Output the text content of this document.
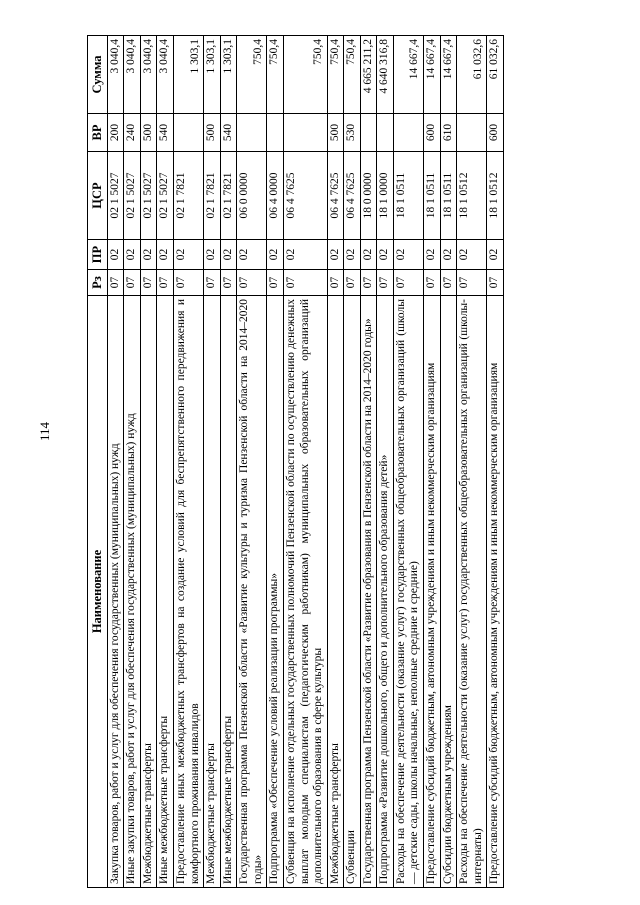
114
Наименование	Рз	ПР	ЦСР	ВР	Сумма
Закупка товаров, работ и услуг для обеспечения государственных (муниципальных) нужд	07	02	02 1 5027	200	3 040,4
Иные закупки товаров, работ и услуг для обеспечения государственных (муниципальных) нужд	07	02	02 1 5027	240	3 040,4
Межбюджетные трансферты	07	02	02 1 5027	500	3 040,4
Иные межбюджетные трансферты	07	02	02 1 5027	540	3 040,4
Предоставление иных межбюджетных трансфертов на создание условий для беспрепятственного передвижения и комфортного проживания инвалидов	07	02	02 1 7821		1 303,1
Межбюджетные трансферты	07	02	02 1 7821	500	1 303,1
Иные межбюджетные трансферты	07	02	02 1 7821	540	1 303,1
Государственная программа Пензенской области «Развитие культуры и туризма Пензенской области на 2014–2020 годы»	07	02	06 0 0000		750,4
Подпрограмма «Обеспечение условий реализации программы»	07	02	06 4 0000		750,4
Субвенция на исполнение отдельных государственных полномочий Пензенской области по осуществлению денежных выплат молодым специалистам (педагогическим работникам) муниципальных образовательных организаций дополнительного образования в сфере культуры	07	02	06 4 7625		750,4
Межбюджетные трансферты	07	02	06 4 7625	500	750,4
Субвенции	07	02	06 4 7625	530	750,4
Государственная программа Пензенской области «Развитие образования в Пензенской области на 2014–2020 годы»	07	02	18 0 0000		4 665 211,2
Подпрограмма «Развитие дошкольного, общего и дополнительного образования детей»	07	02	18 1 0000		4 640 316,8
Расходы на обеспечение деятельности (оказание услуг) государственных общеобразовательных организаций (школы — детские сады, школы начальные, неполные средние и средние)	07	02	18 1 0511		14 667,4
Предоставление субсидий бюджетным, автономным учреждениям и иным некоммерческим организациям	07	02	18 1 0511	600	14 667,4
Субсидии бюджетным учреждениям	07	02	18 1 0511	610	14 667,4
Расходы на обеспечение деятельности (оказание услуг) государственных общеобразовательных организаций (школы-интернаты)	07	02	18 1 0512		61 032,6
Предоставление субсидий бюджетным, автономным учреждениям и иным некоммерческим организациям	07	02	18 1 0512	600	61 032,6
